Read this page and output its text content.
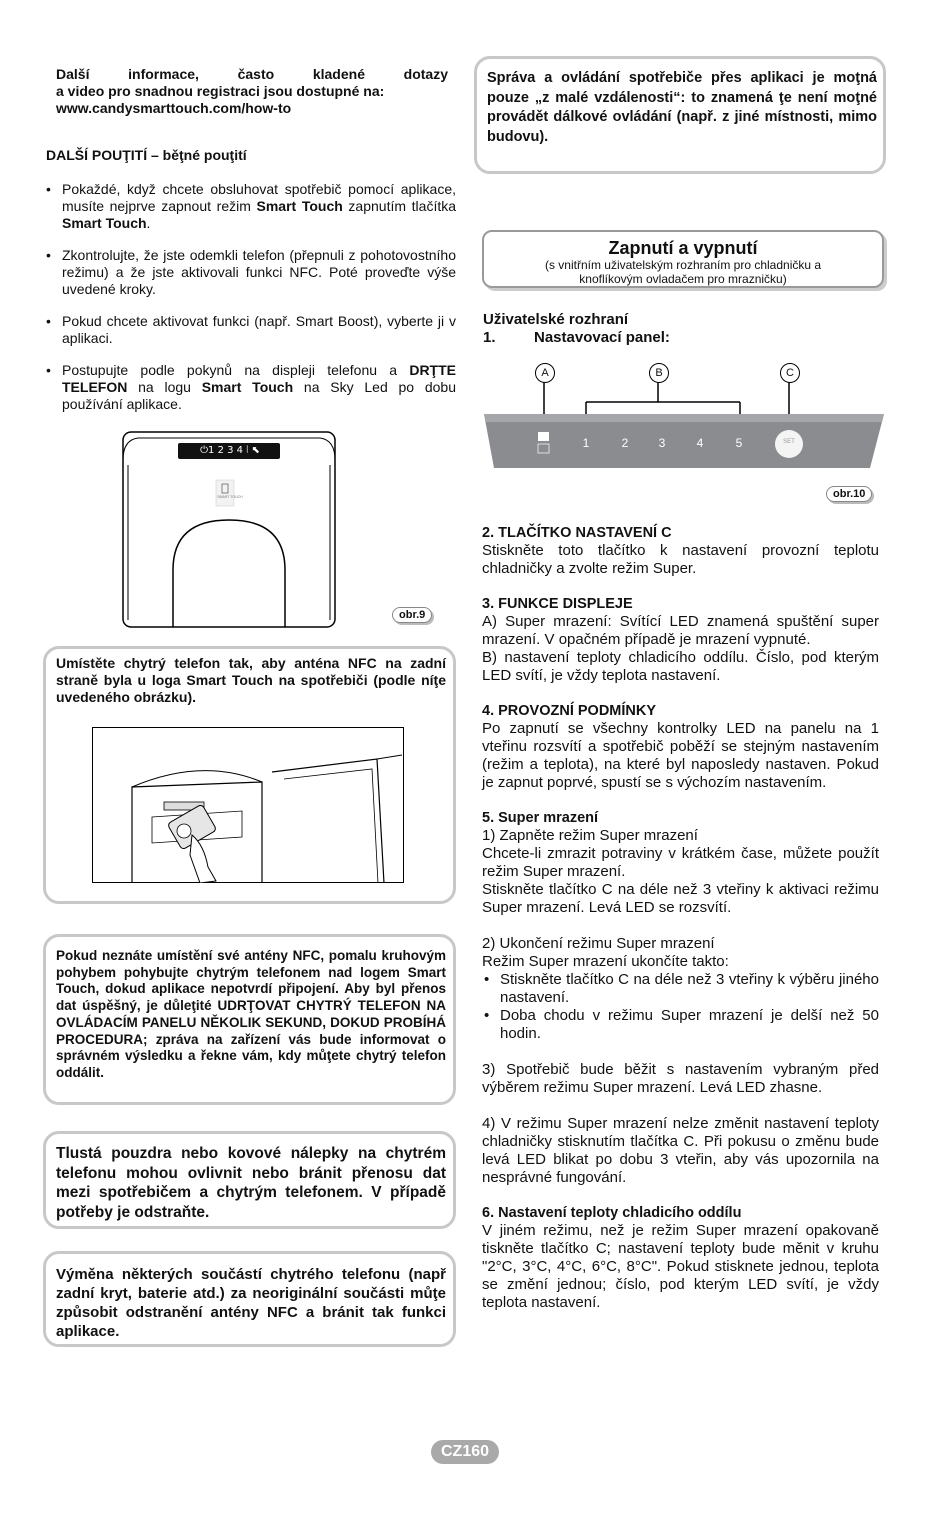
Další informace, často kladené dotazy
a video pro snadnou registraci jsou dostupné na:
www.candysmarttouch.com/how-to
DALŠÍ POUŢITÍ – běţné pouţití
• Pokaždé, když chcete obsluhovat spotřebič pomocí aplikace, musíte nejprve zapnout režim Smart Touch zapnutím tlačítka Smart Touch.
• Zkontrolujte, že jste odemkli telefon (přepnuli z pohotovostního režimu) a že jste aktivovali funkci NFC. Poté proveďte výše uvedené kroky.
• Pokud chcete aktivovat funkci (např. Smart Boost), vyberte ji v aplikaci.
• Postupujte podle pokynů na displeji telefonu a DRŢTE TELEFON na logu Smart Touch na Sky Led po dobu používání aplikace.
⏻1 2 3 4 ⦚ ⬉
SMART TOUCH
obr.9
Umístěte chytrý telefon tak, aby anténa NFC na zadní straně byla u loga Smart Touch na spotřebiči (podle níţe uvedeného obrázku).
Pokud neznáte umístění své antény NFC, pomalu kruhovým pohybem pohybujte chytrým telefonem nad logem Smart Touch, dokud aplikace nepotvrdí připojení. Aby byl přenos dat úspěšný, je důleţité UDRŢOVAT CHYTRÝ TELEFON NA OVLÁDACÍM PANELU NĚKOLIK SEKUND, DOKUD PROBÍHÁ PROCEDURA; zpráva na zařízení vás bude informovat o správném výsledku a řekne vám, kdy můţete chytrý telefon oddálit.
Tlustá pouzdra nebo kovové nálepky na chytrém telefonu mohou ovlivnit nebo bránit přenosu dat mezi spotřebičem a chytrým telefonem. V případě potřeby je odstraňte.
Výměna některých součástí chytrého telefonu (např zadní kryt, baterie atd.) za neoriginální součásti můţe způsobit odstranění antény NFC a bránit tak funkci aplikace.
Správa a ovládání spotřebiče přes aplikaci je moţná pouze „z malé vzdálenosti“: to znamená ţe není moţné provádět dálkové ovládání (např. z jiné místnosti, mimo budovu).
Zapnutí a vypnutí
(s vnitřním uživatelským rozhraním pro chladničku a
knoflíkovým ovladačem pro mrazničku)
Uživatelské rozhraní
1.	Nastavovací panel:
A	B	C
1	2	3	4	5	SET
obr.10
2. TLAČÍTKO NASTAVENÍ C
Stiskněte toto tlačítko k nastavení provozní teplotu chladničky a zvolte režim Super.
3. FUNKCE DISPLEJE
A) Super mrazení: Svítící LED znamená spuštění super mrazení. V opačném případě je mrazení vypnuté.
B) nastavení teploty chladicího oddílu. Číslo, pod kterým LED svítí, je vždy teplota nastavení.
4. PROVOZNÍ PODMÍNKY
Po zapnutí se všechny kontrolky LED na panelu na 1 vteřinu rozsvítí a spotřebič poběží se stejným nastavením (režim a teplota), na které byl naposledy nastaven. Pokud je zapnut poprvé, spustí se s výchozím nastavením.
5. Super mrazení
1) Zapněte režim Super mrazení
Chcete-li zmrazit potraviny v krátkém čase, můžete použít režim Super mrazení.
Stiskněte tlačítko C na déle než 3 vteřiny k aktivaci režimu Super mrazení. Levá LED se rozsvítí.
2) Ukončení režimu Super mrazení
Režim Super mrazení ukončíte takto:
• Stiskněte tlačítko C na déle než 3 vteřiny k výběru jiného nastavení.
• Doba chodu v režimu Super mrazení je delší než 50 hodin.
3) Spotřebič bude běžit s nastavením vybraným před výběrem režimu Super mrazení. Levá LED zhasne.
4) V režimu Super mrazení nelze změnit nastavení teploty chladničky stisknutím tlačítka C. Při pokusu o změnu bude levá LED blikat po dobu 3 vteřin, aby vás upozornila na nesprávné fungování.
6. Nastavení teploty chladicího oddílu
V jiném režimu, než je režim Super mrazení opakovaně tiskněte tlačítko C; nastavení teploty bude měnit v kruhu "2°C, 3°C, 4°C, 6°C, 8°C". Pokud stisknete jednou, teplota se změní jednou; číslo, pod kterým LED svítí, je vždy teplota nastavení.
CZ160
